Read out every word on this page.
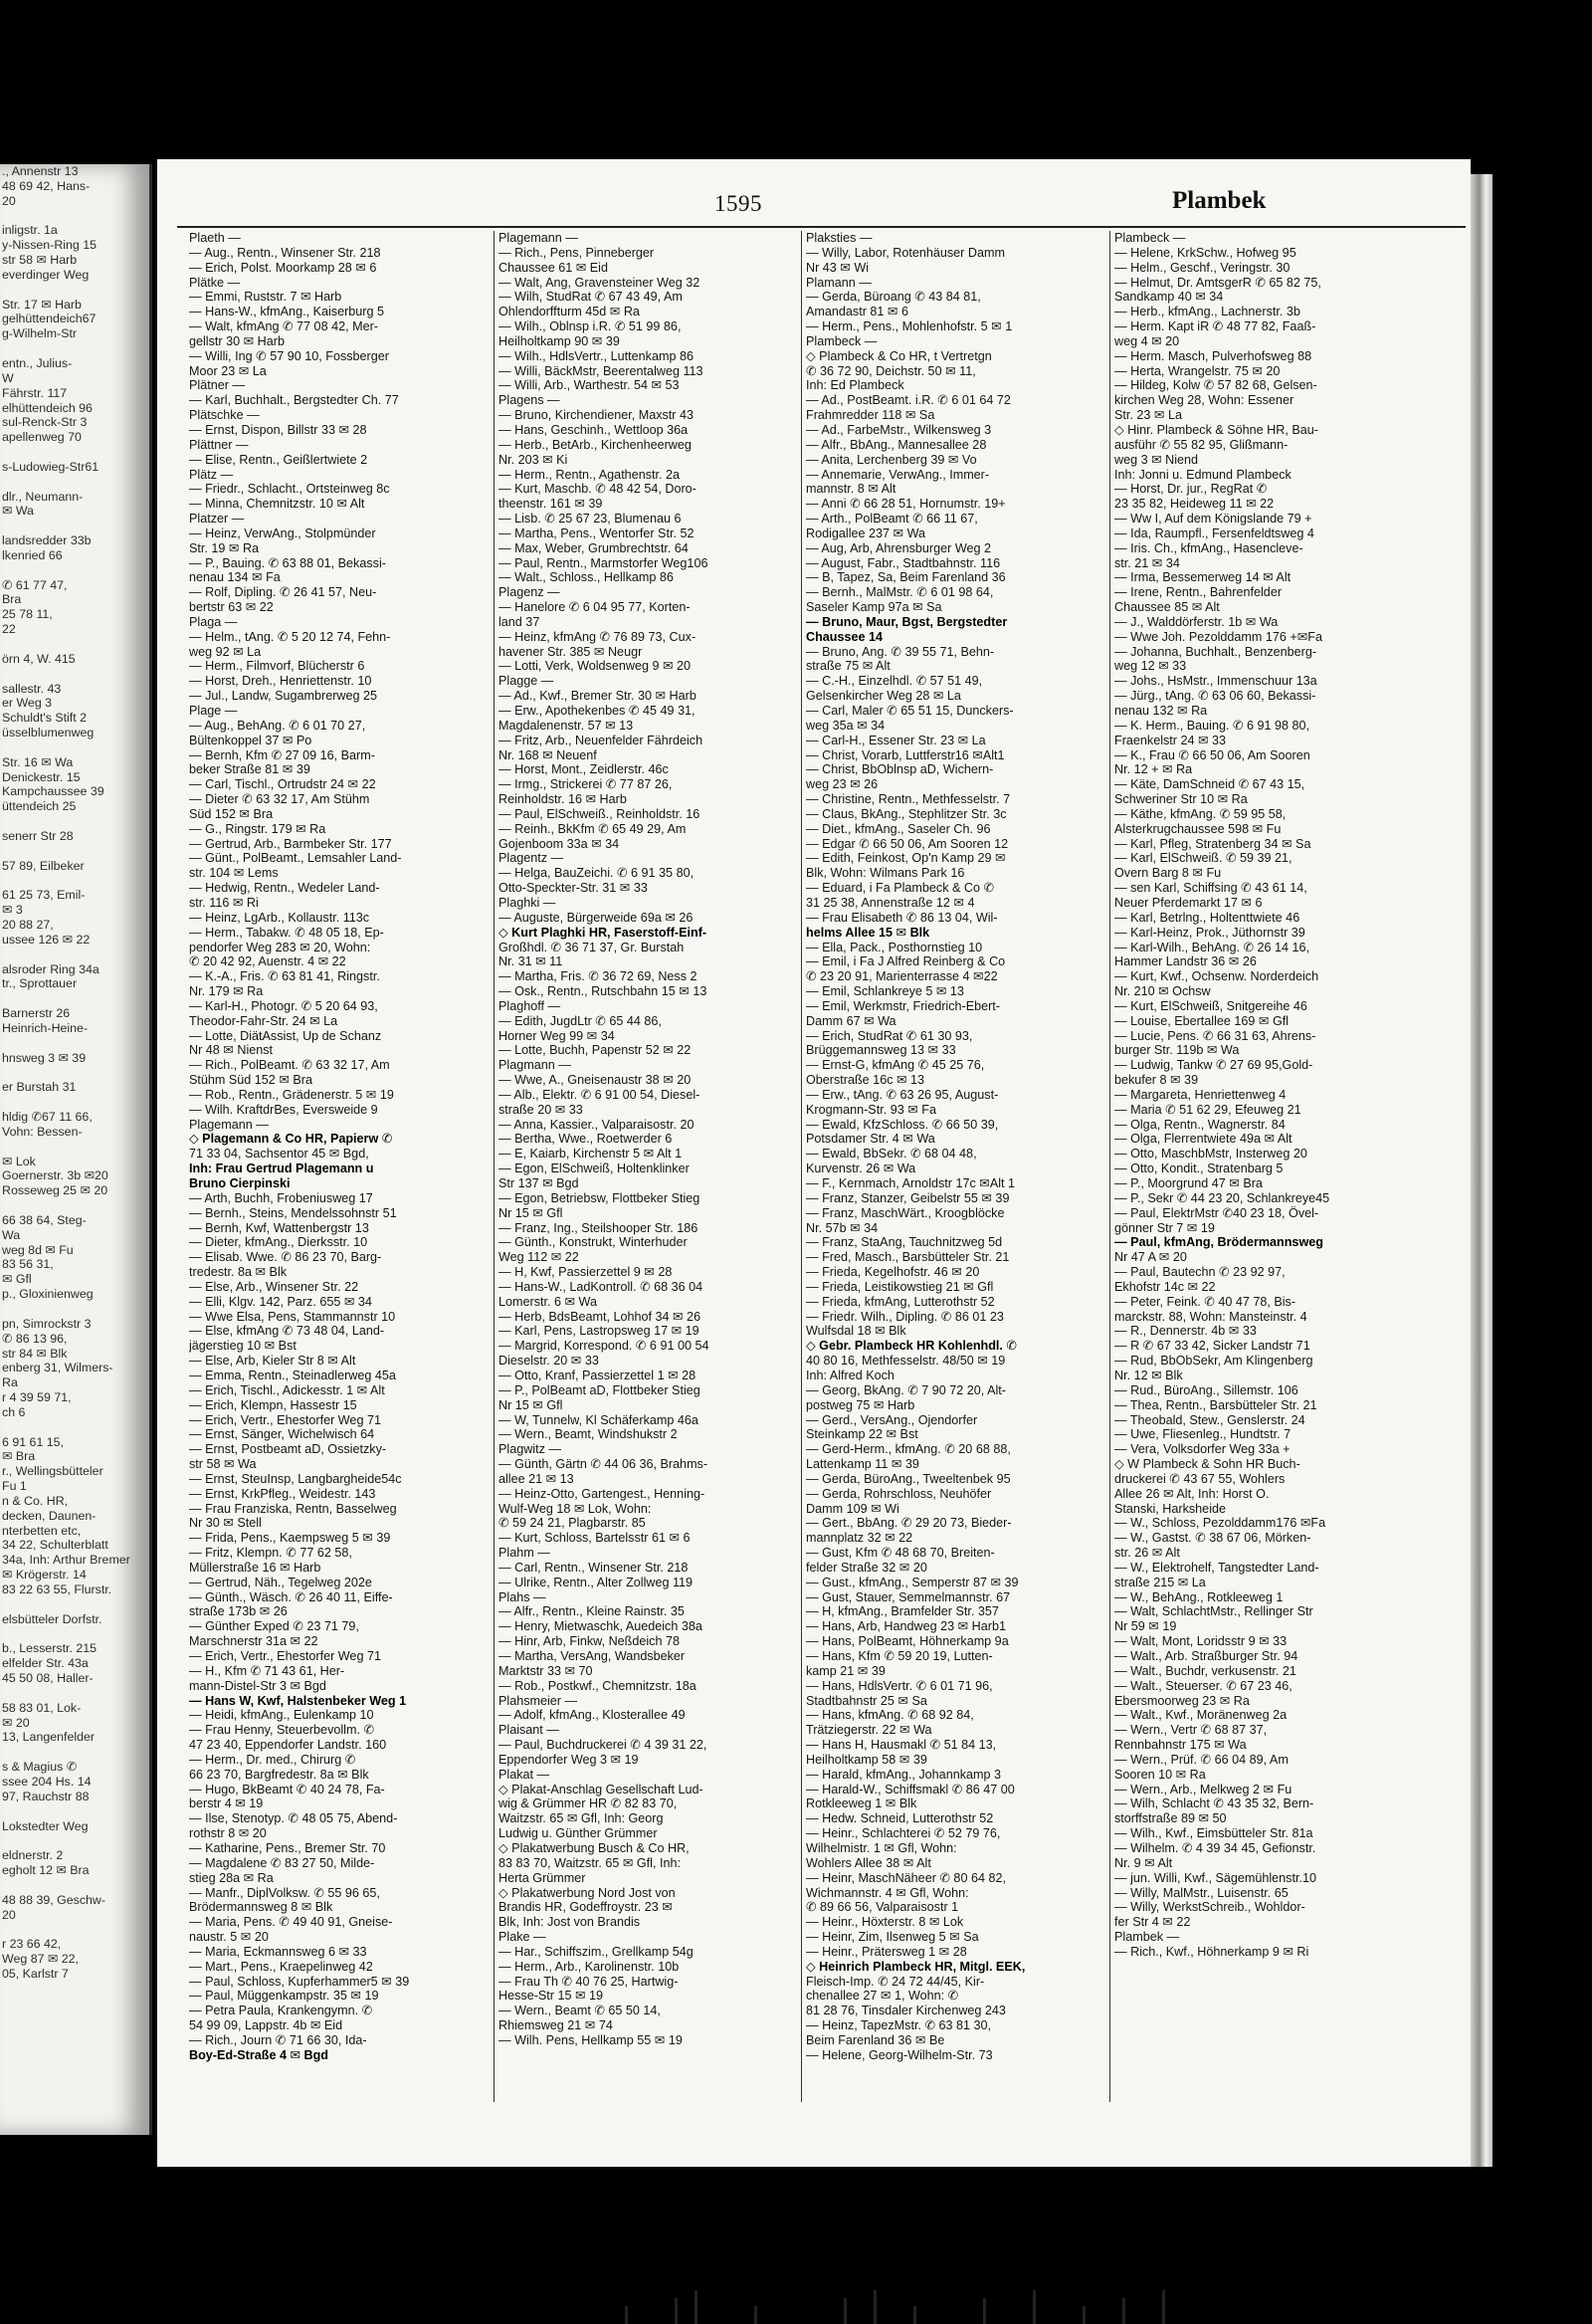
., Annenstr 13
48 69 42, Hans-
20

inligstr. 1a
y-Nissen-Ring 15
str 58 ✉ Harb
everdinger Weg

Str. 17 ✉ Harb
gelhüttendeich67
g-Wilhelm-Str

entn., Julius-
W
Fährstr. 117
elhüttendeich 96
sul-Renck-Str 3
apellenweg 70

s-Ludowieg-Str61

dlr., Neumann-
✉ Wa

landsredder 33b
lkenried 66

✆ 61 77 47,
Bra
25 78 11,
22

örn 4, W. 415

sallestr. 43
er Weg 3
Schuldt's Stift 2
üsselblumenweg

Str. 16 ✉ Wa
Denickestr. 15
Kampchaussee 39
üttendeich 25

senerr Str 28

57 89, Eilbeker

61 25 73, Emil-
✉ 3
20 88 27,
ussee 126 ✉ 22

alsroder Ring 34a
tr., Sprottauer

Barnerstr 26
Heinrich-Heine-

hnsweg 3 ✉ 39

er Burstah 31

hldig ✆67 11 66,
Vohn: Bessen-

✉ Lok
Goernerstr. 3b ✉20
Rosseweg 25 ✉ 20

66 38 64, Steg-
Wa
weg 8d ✉ Fu
83 56 31,
✉ Gfl
p., Gloxinienweg

pn, Simrockstr 3
✆ 86 13 96,
str 84 ✉ Blk
enberg 31, Wilmers-
Ra
r 4 39 59 71,
ch 6

6 91 61 15,
✉ Bra
r., Wellingsbütteler
Fu 1
n & Co. HR,
decken, Daunen-
nterbetten etc,
34 22, Schulterblatt
34a, Inh: Arthur Bremer
✉ Krögerstr. 14
83 22 63 55, Flurstr.

elsbütteler Dorfstr.

b., Lesserstr. 215
elfelder Str. 43a
45 50 08, Haller-

58 83 01, Lok-
✉ 20
13, Langenfelder

s & Magius ✆
ssee 204 Hs. 14
97, Rauchstr 88

Lokstedter Weg

eldnerstr. 2
egholt 12 ✉ Bra

48 88 39, Geschw-
20

r 23 66 42,
Weg 87 ✉ 22,
05, Karlstr 7
1595	Plambek
Plaeth —
— Aug., Rentn., Winsener Str. 218
— Erich, Polst. Moorkamp 28 ✉ 6
Plätke —
— Emmi, Ruststr. 7 ✉ Harb
— Hans-W., kfmAng., Kaiserburg 5
— Walt, kfmAng ✆ 77 08 42, Mer-
gellstr 30 ✉ Harb
— Willi, Ing ✆ 57 90 10, Fossberger
Moor 23 ✉ La
Plätner —
— Karl, Buchhalt., Bergstedter Ch. 77
Plätschke —
— Ernst, Dispon, Billstr 33 ✉ 28
Plättner —
— Elise, Rentn., Geißlertwiete 2
Plätz —
— Friedr., Schlacht., Ortsteinweg 8c
— Minna, Chemnitzstr. 10 ✉ Alt
Platzer —
— Heinz, VerwAng., Stolpmünder
Str. 19 ✉ Ra
— P., Bauing. ✆ 63 88 01, Bekassi-
nenau 134 ✉ Fa
— Rolf, Dipling. ✆ 26 41 57, Neu-
bertstr 63 ✉ 22
Plaga —
— Helm., tAng. ✆ 5 20 12 74, Fehn-
weg 92 ✉ La
— Herm., Filmvorf, Blücherstr 6
— Horst, Dreh., Henriettenstr. 10
— Jul., Landw, Sugambrerweg 25
Plage —
— Aug., BehAng. ✆ 6 01 70 27,
Bültenkoppel 37 ✉ Po
— Bernh, Kfm ✆ 27 09 16, Barm-
beker Straße 81 ✉ 39
— Carl, Tischl., Ortrudstr 24 ✉ 22
— Dieter ✆ 63 32 17, Am Stühm
Süd 152 ✉ Bra
— G., Ringstr. 179 ✉ Ra
— Gertrud, Arb., Barmbeker Str. 177
— Günt., PolBeamt., Lemsahler Land-
str. 104 ✉ Lems
— Hedwig, Rentn., Wedeler Land-
str. 116 ✉ Ri
— Heinz, LgArb., Kollaustr. 113c
— Herm., Tabakw. ✆ 48 05 18, Ep-
pendorfer Weg 283 ✉ 20, Wohn:
✆ 20 42 92, Auenstr. 4 ✉ 22
— K.-A., Fris. ✆ 63 81 41, Ringstr.
Nr. 179 ✉ Ra
— Karl-H., Photogr. ✆ 5 20 64 93,
Theodor-Fahr-Str. 24 ✉ La
— Lotte, DiätAssist, Up de Schanz
Nr 48 ✉ Nienst
— Rich., PolBeamt. ✆ 63 32 17, Am
Stühm Süd 152 ✉ Bra
— Rob., Rentn., Grädenerstr. 5 ✉ 19
— Wilh. KraftdrBes, Eversweide 9
Plagemann —
◇ Plagemann & Co HR, Papierw ✆
71 33 04, Sachsentor 45 ✉ Bgd,
Inh: Frau Gertrud Plagemann u
Bruno Cierpinski
— Arth, Buchh, Frobeniusweg 17
— Bernh., Steins, Mendelssohnstr 51
— Bernh, Kwf, Wattenbergstr 13
— Dieter, kfmAng., Dierksstr. 10
— Elisab. Wwe. ✆ 86 23 70, Barg-
tredestr. 8a ✉ Blk
— Else, Arb., Winsener Str. 22
— Elli, Klgv. 142, Parz. 655 ✉ 34
— Wwe Elsa, Pens, Stammannstr 10
— Else, kfmAng ✆ 73 48 04, Land-
jägerstieg 10 ✉ Bst
— Else, Arb, Kieler Str 8 ✉ Alt
— Emma, Rentn., Steinadlerweg 45a
— Erich, Tischl., Adickesstr. 1 ✉ Alt
— Erich, Klempn, Hassestr 15
— Erich, Vertr., Ehestorfer Weg 71
— Ernst, Sänger, Wichelwisch 64
— Ernst, Postbeamt aD, Ossietzky-
str 58 ✉ Wa
— Ernst, SteuInsp, Langbargheide54c
— Ernst, KrkPfleg., Weidestr. 143
— Frau Franziska, Rentn, Basselweg
Nr 30 ✉ Stell
— Frida, Pens., Kaempsweg 5 ✉ 39
— Fritz, Klempn. ✆ 77 62 58,
Müllerstraße 16 ✉ Harb
— Gertrud, Näh., Tegelweg 202e
— Günth., Wäsch. ✆ 26 40 11, Eiffe-
straße 173b ✉ 26
— Günther Exped ✆ 23 71 79,
Marschnerstr 31a ✉ 22
— Erich, Vertr., Ehestorfer Weg 71
— H., Kfm ✆ 71 43 61, Her-
mann-Distel-Str 3 ✉ Bgd
— Hans W, Kwf, Halstenbeker Weg 1
— Heidi, kfmAng., Eulenkamp 10
— Frau Henny, Steuerbevollm. ✆
47 23 40, Eppendorfer Landstr. 160
— Herm., Dr. med., Chirurg ✆
66 23 70, Bargfredestr. 8a ✉ Blk
— Hugo, BkBeamt ✆ 40 24 78, Fa-
berstr 4 ✉ 19
— Ilse, Stenotyp. ✆ 48 05 75, Abend-
rothstr 8 ✉ 20
— Katharine, Pens., Bremer Str. 70
— Magdalene ✆ 83 27 50, Milde-
stieg 28a ✉ Ra
— Manfr., DiplVolksw. ✆ 55 96 65,
Brödermannsweg 8 ✉ Blk
— Maria, Pens. ✆ 49 40 91, Gneise-
naustr. 5 ✉ 20
— Maria, Eckmannsweg 6 ✉ 33
— Mart., Pens., Kraepelinweg 42
— Paul, Schloss, Kupferhammer5 ✉ 39
— Paul, Müggenkampstr. 35 ✉ 19
— Petra Paula, Krankengymn. ✆
54 99 09, Lappstr. 4b ✉ Eid
— Rich., Journ ✆ 71 66 30, Ida-
Boy-Ed-Straße 4 ✉ Bgd
Plagemann —
— Rich., Pens, Pinneberger
Chaussee 61 ✉ Eid
— Walt, Ang, Gravensteiner Weg 32
— Wilh, StudRat ✆ 67 43 49, Am
Ohlendorffturm 45d ✉ Ra
— Wilh., Oblnsp i.R. ✆ 51 99 86,
Heilholtkamp 90 ✉ 39
— Wilh., HdlsVertr., Luttenkamp 86
— Willi, BäckMstr, Beerentalweg 113
— Willi, Arb., Warthestr. 54 ✉ 53
Plagens —
— Bruno, Kirchendiener, Maxstr 43
— Hans, Geschinh., Wettloop 36a
— Herb., BetArb., Kirchenheerweg
Nr. 203 ✉ Ki
— Herm., Rentn., Agathenstr. 2a
— Kurt, Maschb. ✆ 48 42 54, Doro-
theenstr. 161 ✉ 39
— Lisb. ✆ 25 67 23, Blumenau 6
— Martha, Pens., Wentorfer Str. 52
— Max, Weber, Grumbrechtstr. 64
— Paul, Rentn., Marmstorfer Weg106
— Walt., Schloss., Hellkamp 86
Plagenz —
— Hanelore ✆ 6 04 95 77, Korten-
land 37
— Heinz, kfmAng ✆ 76 89 73, Cux-
havener Str. 385 ✉ Neugr
— Lotti, Verk, Woldsenweg 9 ✉ 20
Plagge —
— Ad., Kwf., Bremer Str. 30 ✉ Harb
— Erw., Apothekenbes ✆ 45 49 31,
Magdalenenstr. 57 ✉ 13
— Fritz, Arb., Neuenfelder Fährdeich
Nr. 168 ✉ Neuenf
— Horst, Mont., Zeidlerstr. 46c
— Irmg., Strickerei ✆ 77 87 26,
Reinholdstr. 16 ✉ Harb
— Paul, ElSchweiß., Reinholdstr. 16
— Reinh., BkKfm ✆ 65 49 29, Am
Gojenboom 33a ✉ 34
Plagentz —
— Helga, BauZeichi. ✆ 6 91 35 80,
Otto-Speckter-Str. 31 ✉ 33
Plaghki —
— Auguste, Bürgerweide 69a ✉ 26
◇ Kurt Plaghki HR, Faserstoff-Einf-
Großhdl. ✆ 36 71 37, Gr. Burstah
Nr. 31 ✉ 11
— Martha, Fris. ✆ 36 72 69, Ness 2
— Osk., Rentn., Rutschbahn 15 ✉ 13
Plaghoff —
— Edith, JugdLtr ✆ 65 44 86,
Horner Weg 99 ✉ 34
— Lotte, Buchh, Papenstr 52 ✉ 22
Plagmann —
— Wwe, A., Gneisenaustr 38 ✉ 20
— Alb., Elektr. ✆ 6 91 00 54, Diesel-
straße 20 ✉ 33
— Anna, Kassier., Valparaisostr. 20
— Bertha, Wwe., Roetwerder 6
— E, Kaiarb, Kirchenstr 5 ✉ Alt 1
— Egon, ElSchweiß, Holtenklinker
Str 137 ✉ Bgd
— Egon, Betriebsw, Flottbeker Stieg
Nr 15 ✉ Gfl
— Franz, Ing., Steilshooper Str. 186
— Günth., Konstrukt, Winterhuder
Weg 112 ✉ 22
— H, Kwf, Passierzettel 9 ✉ 28
— Hans-W., LadKontroll. ✆ 68 36 04
Lomerstr. 6 ✉ Wa
— Herb, BdsBeamt, Lohhof 34 ✉ 26
— Karl, Pens, Lastropsweg 17 ✉ 19
— Margrid, Korrespond. ✆ 6 91 00 54
Dieselstr. 20 ✉ 33
— Otto, Kranf, Passierzettel 1 ✉ 28
— P., PolBeamt aD, Flottbeker Stieg
Nr 15 ✉ Gfl
— W, Tunnelw, Kl Schäferkamp 46a
— Wern., Beamt, Windshukstr 2
Plagwitz —
— Günth, Gärtn ✆ 44 06 36, Brahms-
allee 21 ✉ 13
— Heinz-Otto, Gartengest., Henning-
Wulf-Weg 18 ✉ Lok, Wohn:
✆ 59 24 21, Plagbarstr. 85
— Kurt, Schloss, Bartelsstr 61 ✉ 6
Plahm —
— Carl, Rentn., Winsener Str. 218
— Ulrike, Rentn., Alter Zollweg 119
Plahs —
— Alfr., Rentn., Kleine Rainstr. 35
— Henry, Mietwaschk, Auedeich 38a
— Hinr, Arb, Finkw, Neßdeich 78
— Martha, VersAng, Wandsbeker
Marktstr 33 ✉ 70
— Rob., Postkwf., Chemnitzstr. 18a
Plahsmeier —
— Adolf, kfmAng., Klosterallee 49
Plaisant —
— Paul, Buchdruckerei ✆ 4 39 31 22,
Eppendorfer Weg 3 ✉ 19
Plakat —
◇ Plakat-Anschlag Gesellschaft Lud-
wig & Grümmer HR ✆ 82 83 70,
Waitzstr. 65 ✉ Gfl, Inh: Georg
Ludwig u. Günther Grümmer
◇ Plakatwerbung Busch & Co HR,
83 83 70, Waitzstr. 65 ✉ Gfl, Inh:
Herta Grümmer
◇ Plakatwerbung Nord Jost von
Brandis HR, Godeffroystr. 23 ✉
Blk, Inh: Jost von Brandis
Plake —
— Har., Schiffszim., Grellkamp 54g
— Herm., Arb., Karolinenstr. 10b
— Frau Th ✆ 40 76 25, Hartwig-
Hesse-Str 15 ✉ 19
— Wern., Beamt ✆ 65 50 14,
Rhiemsweg 21 ✉ 74
— Wilh. Pens, Hellkamp 55 ✉ 19
Plaksties —
— Willy, Labor, Rotenhäuser Damm
Nr 43 ✉ Wi
Plamann —
— Gerda, Büroang ✆ 43 84 81,
Amandastr 81 ✉ 6
— Herm., Pens., Mohlenhofstr. 5 ✉ 1
Plambeck —
◇ Plambeck & Co HR, t Vertretgn
✆ 36 72 90, Deichstr. 50 ✉ 11,
Inh: Ed Plambeck
— Ad., PostBeamt. i.R. ✆ 6 01 64 72
Frahmredder 118 ✉ Sa
— Ad., FarbeMstr., Wilkensweg 3
— Alfr., BbAng., Mannesallee 28
— Anita, Lerchenberg 39 ✉ Vo
— Annemarie, VerwAng., Immer-
mannstr. 8 ✉ Alt
— Anni ✆ 66 28 51, Hornumstr. 19+
— Arth., PolBeamt ✆ 66 11 67,
Rodigallee 237 ✉ Wa
— Aug, Arb, Ahrensburger Weg 2
— August, Fabr., Stadtbahnstr. 116
— B, Tapez, Sa, Beim Farenland 36
— Bernh., MalMstr. ✆ 6 01 98 64,
Saseler Kamp 97a ✉ Sa
— Bruno, Maur, Bgst, Bergstedter
Chaussee 14
— Bruno, Ang. ✆ 39 55 71, Behn-
straße 75 ✉ Alt
— C.-H., Einzelhdl. ✆ 57 51 49,
Gelsenkircher Weg 28 ✉ La
— Carl, Maler ✆ 65 51 15, Dunckers-
weg 35a ✉ 34
— Carl-H., Essener Str. 23 ✉ La
— Christ, Vorarb, Luttferstr16 ✉Alt1
— Christ, BbOblnsp aD, Wichern-
weg 23 ✉ 26
— Christine, Rentn., Methfesselstr. 7
— Claus, BkAng., Stephlitzer Str. 3c
— Diet., kfmAng., Saseler Ch. 96
— Edgar ✆ 66 50 06, Am Sooren 12
— Edith, Feinkost, Op'n Kamp 29 ✉
Blk, Wohn: Wilmans Park 16
— Eduard, i Fa Plambeck & Co ✆
31 25 38, Annenstraße 12 ✉ 4
— Frau Elisabeth ✆ 86 13 04, Wil-
helms Allee 15 ✉ Blk
— Ella, Pack., Posthornstieg 10
— Emil, i Fa J Alfred Reinberg & Co
✆ 23 20 91, Marienterrasse 4 ✉22
— Emil, Schlankreye 5 ✉ 13
— Emil, Werkmstr, Friedrich-Ebert-
Damm 67 ✉ Wa
— Erich, StudRat ✆ 61 30 93,
Brüggemannsweg 13 ✉ 33
— Ernst-G, kfmAng ✆ 45 25 76,
Oberstraße 16c ✉ 13
— Erw., tAng. ✆ 63 26 95, August-
Krogmann-Str. 93 ✉ Fa
— Ewald, KfzSchloss. ✆ 66 50 39,
Potsdamer Str. 4 ✉ Wa
— Ewald, BbSekr. ✆ 68 04 48,
Kurvenstr. 26 ✉ Wa
— F., Kernmach, Arnoldstr 17c ✉Alt 1
— Franz, Stanzer, Geibelstr 55 ✉ 39
— Franz, MaschWärt., Kroogblöcke
Nr. 57b ✉ 34
— Franz, StaAng, Tauchnitzweg 5d
— Fred, Masch., Barsbütteler Str. 21
— Frieda, Kegelhofstr. 46 ✉ 20
— Frieda, Leistikowstieg 21 ✉ Gfl
— Frieda, kfmAng, Lutterothstr 52
— Friedr. Wilh., Dipling. ✆ 86 01 23
Wulfsdal 18 ✉ Blk
◇ Gebr. Plambeck HR Kohlenhdl. ✆
40 80 16, Methfesselstr. 48/50 ✉ 19
Inh: Alfred Koch
— Georg, BkAng. ✆ 7 90 72 20, Alt-
postweg 75 ✉ Harb
— Gerd., VersAng., Ojendorfer
Steinkamp 22 ✉ Bst
— Gerd-Herm., kfmAng. ✆ 20 68 88,
Lattenkamp 11 ✉ 39
— Gerda, BüroAng., Tweeltenbek 95
— Gerda, Rohrschloss, Neuhöfer
Damm 109 ✉ Wi
— Gert., BbAng. ✆ 29 20 73, Bieder-
mannplatz 32 ✉ 22
— Gust, Kfm ✆ 48 68 70, Breiten-
felder Straße 32 ✉ 20
— Gust., kfmAng., Semperstr 87 ✉ 39
— Gust, Stauer, Semmelmannstr. 67
— H, kfmAng., Bramfelder Str. 357
— Hans, Arb, Handweg 23 ✉ Harb1
— Hans, PolBeamt, Höhnerkamp 9a
— Hans, Kfm ✆ 59 20 19, Lutten-
kamp 21 ✉ 39
— Hans, HdlsVertr. ✆ 6 01 71 96,
Stadtbahnstr 25 ✉ Sa
— Hans, kfmAng. ✆ 68 92 84,
Trätziegerstr. 22 ✉ Wa
— Hans H, Hausmakl ✆ 51 84 13,
Heilholtkamp 58 ✉ 39
— Harald, kfmAng., Johannkamp 3
— Harald-W., Schiffsmakl ✆ 86 47 00
Rotkleeweg 1 ✉ Blk
— Hedw. Schneid, Lutterothstr 52
— Heinr., Schlachterei ✆ 52 79 76,
Wilhelmistr. 1 ✉ Gfl, Wohn:
Wohlers Allee 38 ✉ Alt
— Heinr, MaschNäheer ✆ 80 64 82,
Wichmannstr. 4 ✉ Gfl, Wohn:
✆ 89 66 56, Valparaisostr 1
— Heinr., Höxterstr. 8 ✉ Lok
— Heinr, Zim, Ilsenweg 5 ✉ Sa
— Heinr., Prätersweg 1 ✉ 28
◇ Heinrich Plambeck HR, Mitgl. EEK,
Fleisch-Imp. ✆ 24 72 44/45, Kir-
chenallee 27 ✉ 1, Wohn: ✆
81 28 76, Tinsdaler Kirchenweg 243
— Heinz, TapezMstr. ✆ 63 81 30,
Beim Farenland 36 ✉ Be
— Helene, Georg-Wilhelm-Str. 73
Plambeck —
— Helene, KrkSchw., Hofweg 95
— Helm., Geschf., Veringstr. 30
— Helmut, Dr. AmtsgerR ✆ 65 82 75,
Sandkamp 40 ✉ 34
— Herb., kfmAng., Lachnerstr. 3b
— Herm. Kapt iR ✆ 48 77 82, Faaß-
weg 4 ✉ 20
— Herm. Masch, Pulverhofsweg 88
— Herta, Wrangelstr. 75 ✉ 20
— Hildeg, Kolw ✆ 57 82 68, Gelsen-
kirchen Weg 28, Wohn: Essener
Str. 23 ✉ La
◇ Hinr. Plambeck & Söhne HR, Bau-
ausführ ✆ 55 82 95, Glißmann-
weg 3 ✉ Niend
Inh: Jonni u. Edmund Plambeck
— Horst, Dr. jur., RegRat ✆
23 35 82, Heideweg 11 ✉ 22
— Ww I, Auf dem Königslande 79 +
— Ida, Raumpfl., Fersenfeldtsweg 4
— Iris. Ch., kfmAng., Hasencleve-
str. 21 ✉ 34
— Irma, Bessemerweg 14 ✉ Alt
— Irene, Rentn., Bahrenfelder
Chaussee 85 ✉ Alt
— J., Walddörferstr. 1b ✉ Wa
— Wwe Joh. Pezolddamm 176 +✉Fa
— Johanna, Buchhalt., Benzenberg-
weg 12 ✉ 33
— Johs., HsMstr., Immenschuur 13a
— Jürg., tAng. ✆ 63 06 60, Bekassi-
nenau 132 ✉ Ra
— K. Herm., Bauing. ✆ 6 91 98 80,
Fraenkelstr 24 ✉ 33
— K., Frau ✆ 66 50 06, Am Sooren
Nr. 12 + ✉ Ra
— Käte, DamSchneid ✆ 67 43 15,
Schweriner Str 10 ✉ Ra
— Käthe, kfmAng. ✆ 59 95 58,
Alsterkrugchaussee 598 ✉ Fu
— Karl, Pfleg, Stratenberg 34 ✉ Sa
— Karl, ElSchweiß. ✆ 59 39 21,
Overn Barg 8 ✉ Fu
— sen Karl, Schiffsing ✆ 43 61 14,
Neuer Pferdemarkt 17 ✉ 6
— Karl, Betrlng., Holtenttwiete 46
— Karl-Heinz, Prok., Jüthornstr 39
— Karl-Wilh., BehAng. ✆ 26 14 16,
Hammer Landstr 36 ✉ 26
— Kurt, Kwf., Ochsenw. Norderdeich
Nr. 210 ✉ Ochsw
— Kurt, ElSchweiß, Snitgereihe 46
— Louise, Ebertallee 169 ✉ Gfl
— Lucie, Pens. ✆ 66 31 63, Ahrens-
burger Str. 119b ✉ Wa
— Ludwig, Tankw ✆ 27 69 95,Gold-
bekufer 8 ✉ 39
— Margareta, Henriettenweg 4
— Maria ✆ 51 62 29, Efeuweg 21
— Olga, Rentn., Wagnerstr. 84
— Olga, Flerrentwiete 49a ✉ Alt
— Otto, MaschbMstr, Insterweg 20
— Otto, Kondit., Stratenbarg 5
— P., Moorgrund 47 ✉ Bra
— P., Sekr ✆ 44 23 20, Schlankreye45
— Paul, ElektrMstr ✆40 23 18, Övel-
gönner Str 7 ✉ 19
— Paul, kfmAng, Brödermannsweg
Nr 47 A ✉ 20
— Paul, Bautechn ✆ 23 92 97,
Ekhofstr 14c ✉ 22
— Peter, Feink. ✆ 40 47 78, Bis-
marckstr. 88, Wohn: Mansteinstr. 4
— R., Dennerstr. 4b ✉ 33
— R ✆ 67 33 42, Sicker Landstr 71
— Rud, BbObSekr, Am Klingenberg
Nr. 12 ✉ Blk
— Rud., BüroAng., Sillemstr. 106
— Thea, Rentn., Barsbütteler Str. 21
— Theobald, Stew., Genslerstr. 24
— Uwe, Fliesenleg., Hundtstr. 7
— Vera, Volksdorfer Weg 33a +
◇ W Plambeck & Sohn HR Buch-
druckerei ✆ 43 67 55, Wohlers
Allee 26 ✉ Alt, Inh: Horst O.
Stanski, Harksheide
— W., Schloss, Pezolddamm176 ✉Fa
— W., Gastst. ✆ 38 67 06, Mörken-
str. 26 ✉ Alt
— W., Elektrohelf, Tangstedter Land-
straße 215 ✉ La
— W., BehAng., Rotkleeweg 1
— Walt, SchlachtMstr., Rellinger Str
Nr 59 ✉ 19
— Walt, Mont, Loridsstr 9 ✉ 33
— Walt., Arb. Straßburger Str. 94
— Walt., Buchdr, verkusenstr. 21
— Walt., Steuerser. ✆ 67 23 46,
Ebersmoorweg 23 ✉ Ra
— Walt., Kwf., Moränenweg 2a
— Wern., Vertr ✆ 68 87 37,
Rennbahnstr 175 ✉ Wa
— Wern., Prüf. ✆ 66 04 89, Am
Sooren 10 ✉ Ra
— Wern., Arb., Melkweg 2 ✉ Fu
— Wilh, Schlacht ✆ 43 35 32, Bern-
storffstraße 89 ✉ 50
— Wilh., Kwf., Eimsbütteler Str. 81a
— Wilhelm. ✆ 4 39 34 45, Gefionstr.
Nr. 9 ✉ Alt
— jun. Willi, Kwf., Sägemühlenstr.10
— Willy, MalMstr., Luisenstr. 65
— Willy, WerkstSchreib., Wohldor-
fer Str 4 ✉ 22
Plambek —
— Rich., Kwf., Höhnerkamp 9 ✉ Ri
